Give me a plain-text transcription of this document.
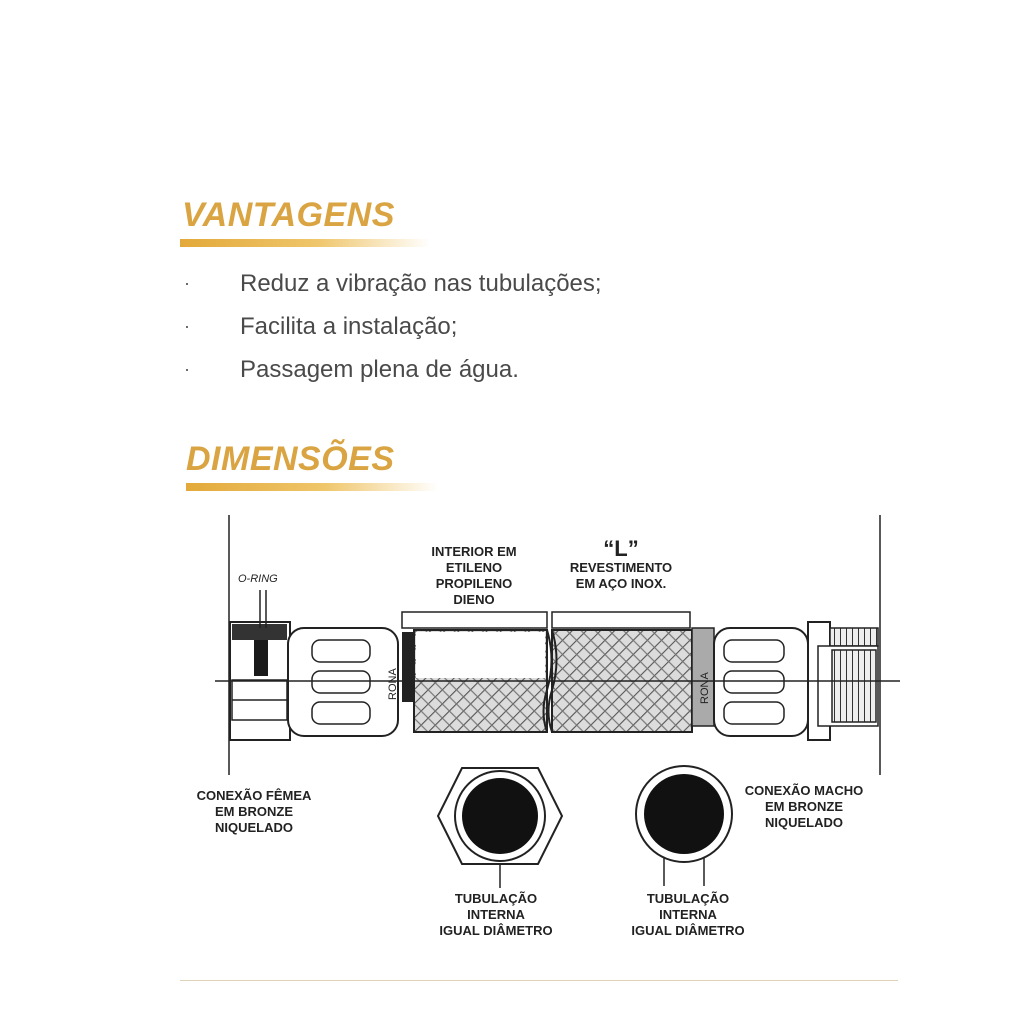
VANTAGENS
·	Reduz a vibração nas tubulações;
·	Facilita a instalação;
·	Passagem plena de água.
DIMENSÕES
RONA	RONA
O-RING
INTERIOR EM
ETILENO
PROPILENO
DIENO
“L”
REVESTIMENTO
EM AÇO INOX.
CONEXÃO FÊMEA
EM BRONZE
NIQUELADO
CONEXÃO MACHO
EM BRONZE
NIQUELADO
TUBULAÇÃO
INTERNA
IGUAL DIÂMETRO
TUBULAÇÃO
INTERNA
IGUAL DIÂMETRO
